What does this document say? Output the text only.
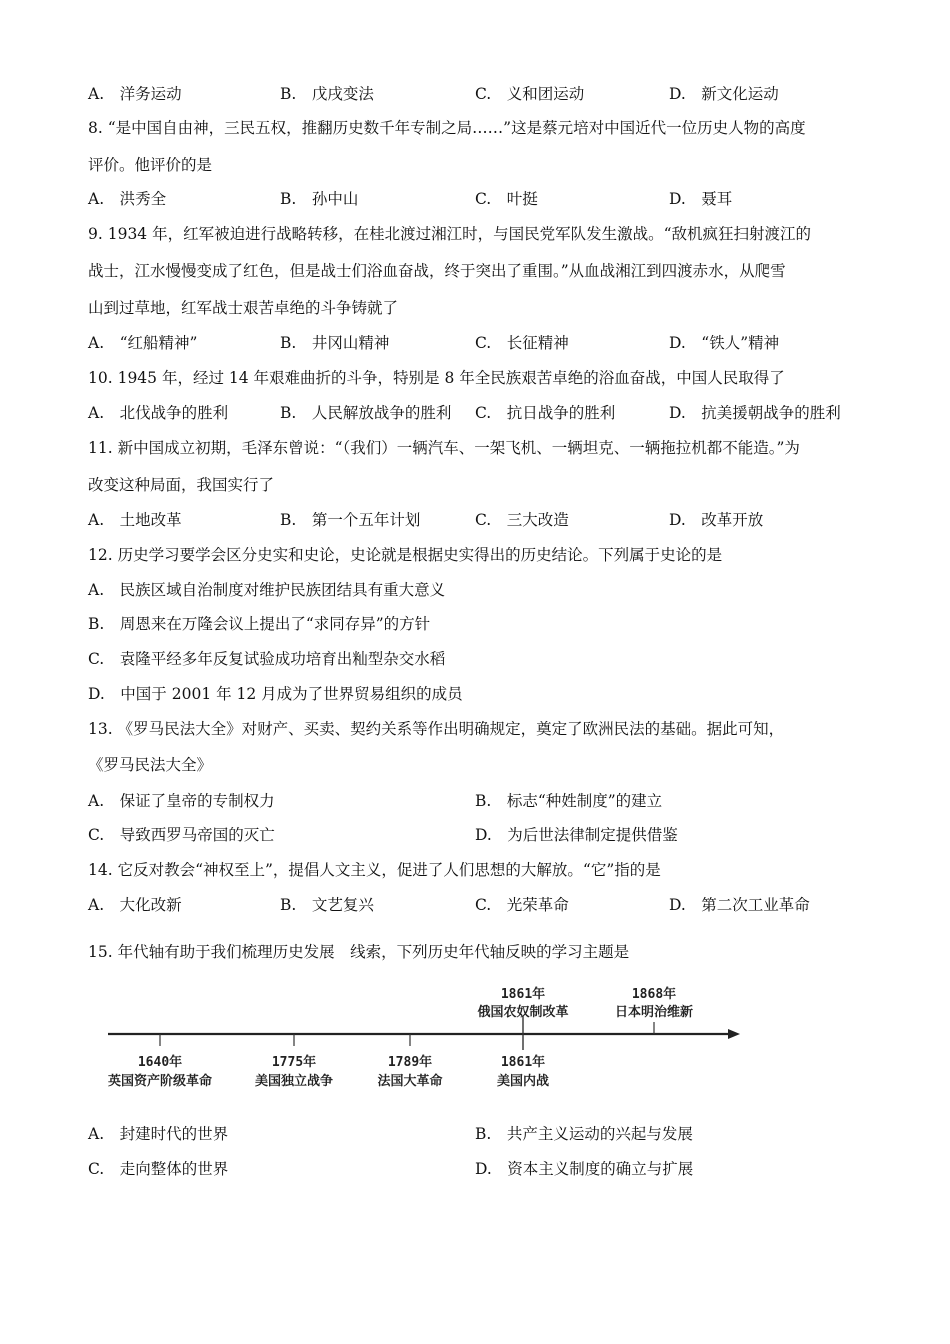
A.　洋务运动	B.　戊戌变法	C.　义和团运动	D.　新文化运动
8. “是中国自由神，三民五权，推翻历史数千年专制之局……”这是蔡元培对中国近代一位历史人物的高度
评价。他评价的是
A.　洪秀全	B.　孙中山	C.　叶挺	D.　聂耳
9. 1934 年，红军被迫进行战略转移，在桂北渡过湘江时，与国民党军队发生激战。“敌机疯狂扫射渡江的
战士，江水慢慢变成了红色，但是战士们浴血奋战，终于突出了重围。”从血战湘江到四渡赤水，从爬雪
山到过草地，红军战士艰苦卓绝的斗争铸就了
A.　“红船精神”	B.　井冈山精神	C.　长征精神	D.　“铁人”精神
10. 1945 年，经过 14 年艰难曲折的斗争，特别是 8 年全民族艰苦卓绝的浴血奋战，中国人民取得了
A.　北伐战争的胜利	B.　人民解放战争的胜利 C.　抗日战争的胜利	D.　抗美援朝战争的胜利
11. 新中国成立初期，毛泽东曾说：“（我们）一辆汽车、一架飞机、一辆坦克、一辆拖拉机都不能造。”为
改变这种局面，我国实行了
A.　土地改革	B.　第一个五年计划	C.　三大改造	D.　改革开放
12. 历史学习要学会区分史实和史论，史论就是根据史实得出的历史结论。下列属于史论的是
A.　民族区域自治制度对维护民族团结具有重大意义
B.　周恩来在万隆会议上提出了“求同存异”的方针
C.　袁隆平经多年反复试验成功培育出籼型杂交水稻
D.　中国于 2001 年 12 月成为了世界贸易组织的成员
13. 《罗马民法大全》对财产、买卖、契约关系等作出明确规定，奠定了欧洲民法的基础。据此可知，
《罗马民法大全》
A.　保证了皇帝的专制权力	B.　标志“种姓制度”的建立
C.　导致西罗马帝国的灭亡	D.　为后世法律制定提供借鉴
14. 它反对教会“神权至上”，提倡人文主义，促进了人们思想的大解放。“它”指的是
A.　大化改新	B.　文艺复兴	C.　光荣革命	D.　第二次工业革命
15. 年代轴有助于我们梳理历史发展　线索，下列历史年代轴反映的学习主题是
1861年
俄国农奴制改革
1868年
日本明治维新
1640年
英国资产阶级革命
1775年
美国独立战争
1789年
法国大革命
1861年
美国内战
A.　封建时代的世界	B.　共产主义运动的兴起与发展
C.　走向整体的世界	D.　资本主义制度的确立与扩展
